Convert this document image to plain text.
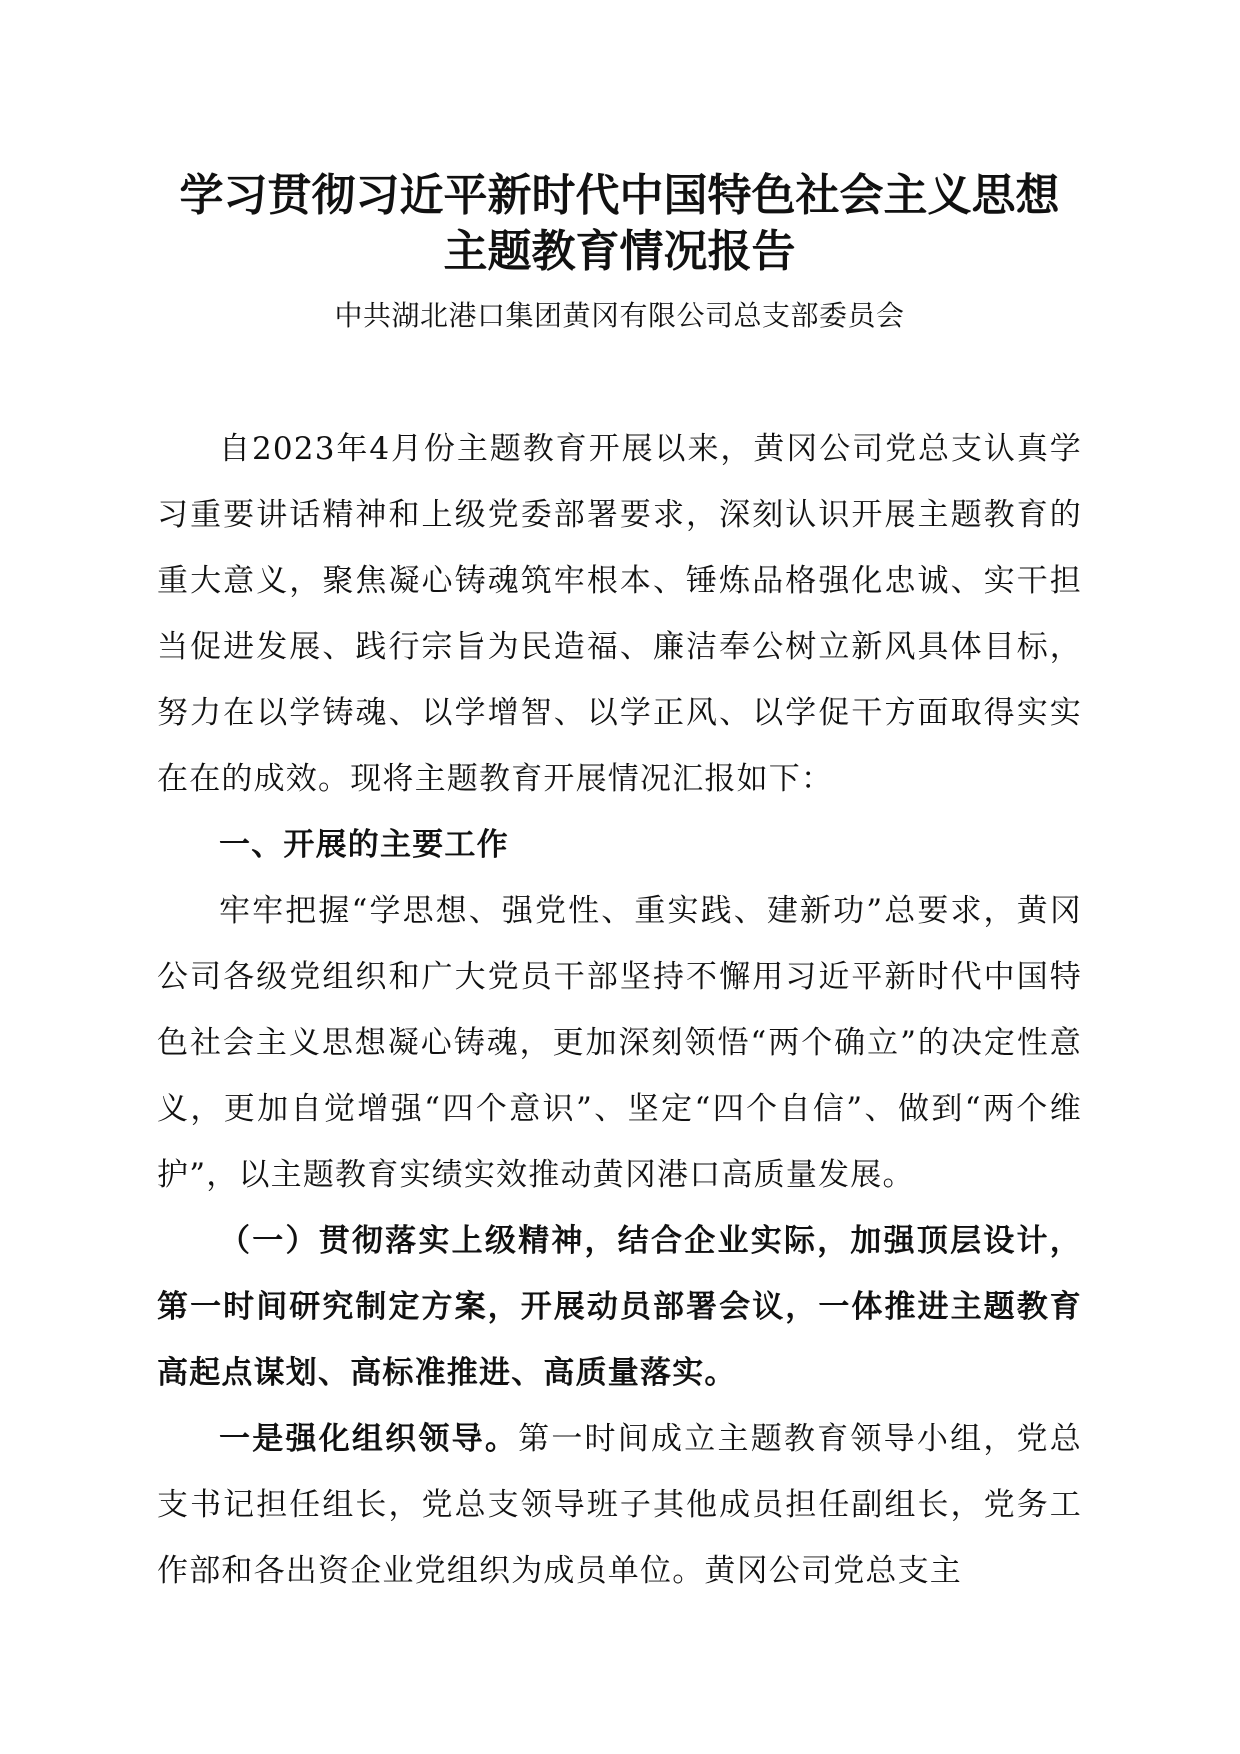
学习贯彻习近平新时代中国特色社会主义思想
主题教育情况报告
中共湖北港口集团黄冈有限公司总支部委员会

自2023年4月份主题教育开展以来，黄冈公司党总支认真学习重要讲话精神和上级党委部署要求，深刻认识开展主题教育的重大意义，聚焦凝心铸魂筑牢根本、锤炼品格强化忠诚、实干担当促进发展、践行宗旨为民造福、廉洁奉公树立新风具体目标，努力在以学铸魂、以学增智、以学正风、以学促干方面取得实实在在的成效。现将主题教育开展情况汇报如下：

一、开展的主要工作

牢牢把握“学思想、强党性、重实践、建新功”总要求，黄冈公司各级党组织和广大党员干部坚持不懈用习近平新时代中国特色社会主义思想凝心铸魂，更加深刻领悟“两个确立”的决定性意义，更加自觉增强“四个意识”、坚定“四个自信”、做到“两个维护”，以主题教育实绩实效推动黄冈港口高质量发展。

（一）贯彻落实上级精神，结合企业实际，加强顶层设计，第一时间研究制定方案，开展动员部署会议，一体推进主题教育高起点谋划、高标准推进、高质量落实。

一是强化组织领导。第一时间成立主题教育领导小组，党总支书记担任组长，党总支领导班子其他成员担任副组长，党务工作部和各出资企业党组织为成员单位。黄冈公司党总支主
